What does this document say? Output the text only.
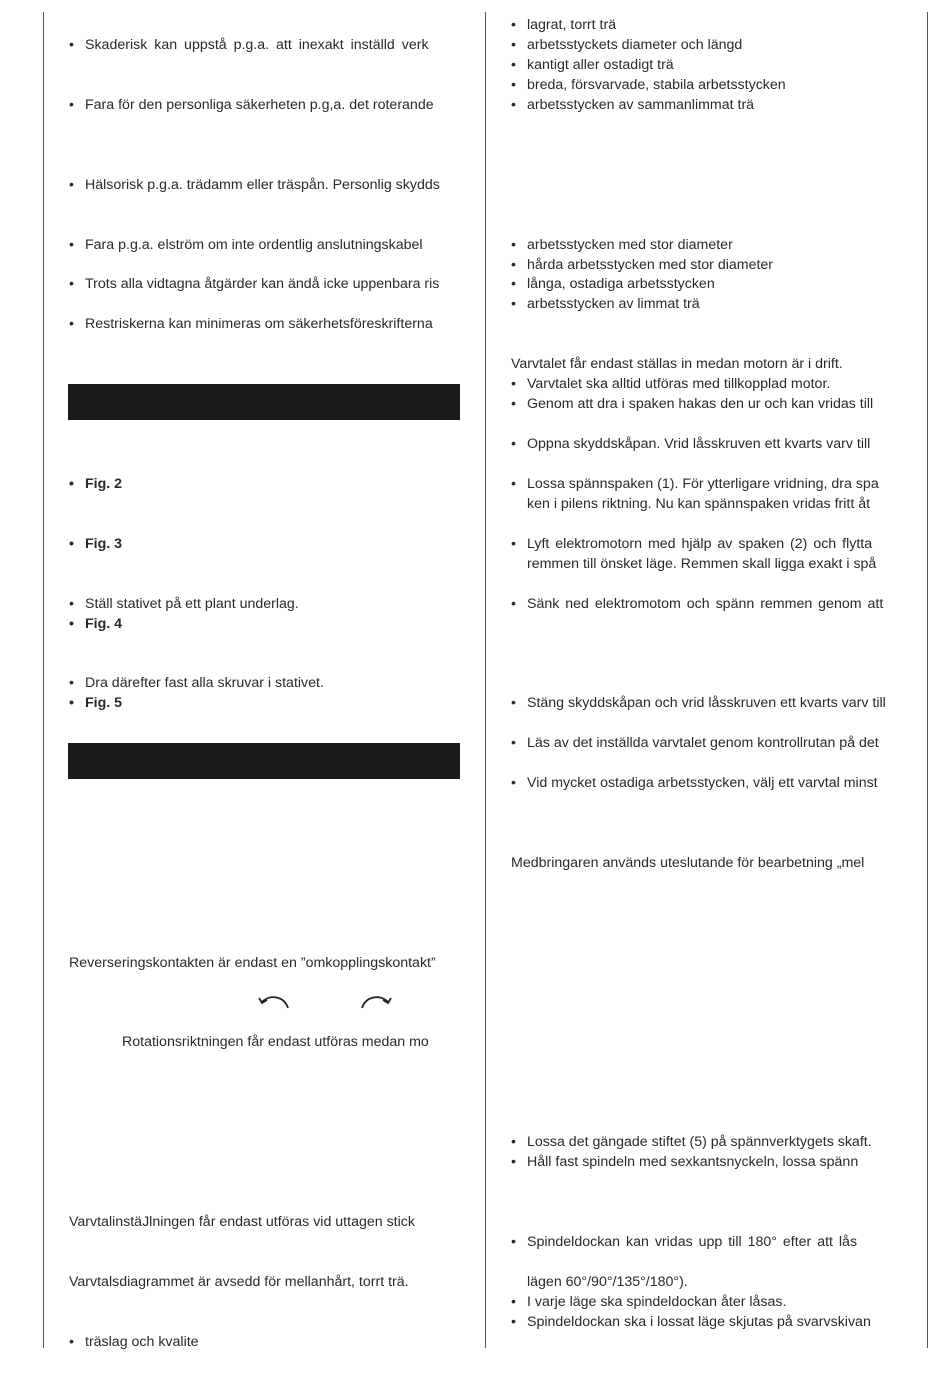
• Skaderisk kan uppstå p.g.a. att inexakt inställd verk
• Fara för den personliga säkerheten p.g,a. det roterande
• Hälsorisk p.g.a. trädamm eller träspån. Personlig skydds
• Fara p.g.a. elström om inte ordentlig anslutningskabel
• Trots alla vidtagna åtgärder kan ändå icke uppenbara ris
• Restriskerna kan minimeras om säkerhetsföreskrifterna
• Fig. 2
• Fig. 3
• Ställ stativet på ett plant underlag.
• Fig. 4
• Dra därefter fast alla skruvar i stativet.
• Fig. 5
Reverseringskontakten är endast en ”omkopplingskontakt”
Rotationsriktningen får endast utföras medan mo
VarvtalinstäJlningen får endast utföras vid uttagen stick
Varvtalsdiagrammet är avsedd för mellanhårt, torrt trä.
• träslag och kvalite
• lagrat, torrt trä
• arbetsstyckets diameter och längd
• kantigt aller ostadigt trä
• breda, försvarvade, stabila arbetsstycken
• arbetsstycken av sammanlimmat trä
• arbetsstycken med stor diameter
• hårda arbetsstycken med stor diameter
• långa, ostadiga arbetsstycken
• arbetsstycken av limmat trä
Varvtalet får endast ställas in medan motorn är i drift.
• Varvtalet ska alltid utföras med tillkopplad motor.
• Genom att dra i spaken hakas den ur och kan vridas till
• Oppna skyddskåpan. Vrid låsskruven ett kvarts varv till
• Lossa spännspaken (1). För ytterligare vridning, dra spa
ken i pilens riktning. Nu kan spännspaken vridas fritt åt
• Lyft elektromotorn med hjälp av spaken (2) och flytta
remmen till önsket läge. Remmen skall ligga exakt i spå
• Sänk ned elektromotom och spänn remmen genom att
• Stäng skyddskåpan och vrid låsskruven ett kvarts varv till
• Läs av det inställda varvtalet genom kontrollrutan på det
• Vid mycket ostadiga arbetsstycken, välj ett varvtal minst
Medbringaren används uteslutande för bearbetning „mel
• Lossa det gängade stiftet (5) på spännverktygets skaft.
• Håll fast spindeln med sexkantsnyckeln, lossa spänn
• Spindeldockan kan vridas upp till 180° efter att lås
lägen 60°/90°/135°/180°).
• I varje läge ska spindeldockan åter låsas.
• Spindeldockan ska i lossat läge skjutas på svarvskivan
